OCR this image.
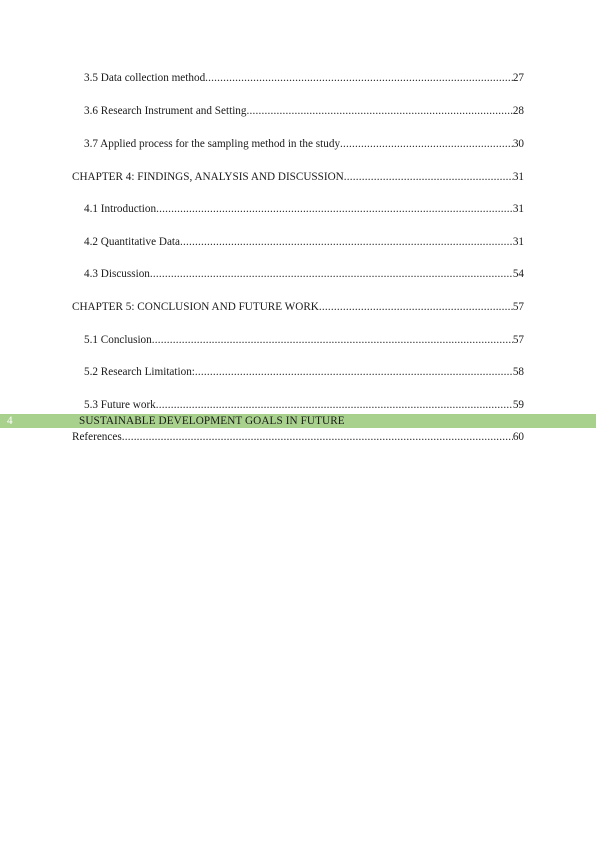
3.5 Data collection method .....	27
3.6 Research Instrument and Setting .....	28
3.7 Applied process for the sampling method in the study .....	30
CHAPTER 4: FINDINGS, ANALYSIS AND DISCUSSION .....	31
4.1 Introduction .....	31
4.2 Quantitative Data .....	31
4.3 Discussion .....	54
CHAPTER 5: CONCLUSION AND FUTURE WORK .....	57
5.1 Conclusion .....	57
5.2 Research Limitation: .....	58
5.3 Future work .....	59
4	SUSTAINABLE DEVELOPMENT GOALS IN FUTURE
References .....	60
